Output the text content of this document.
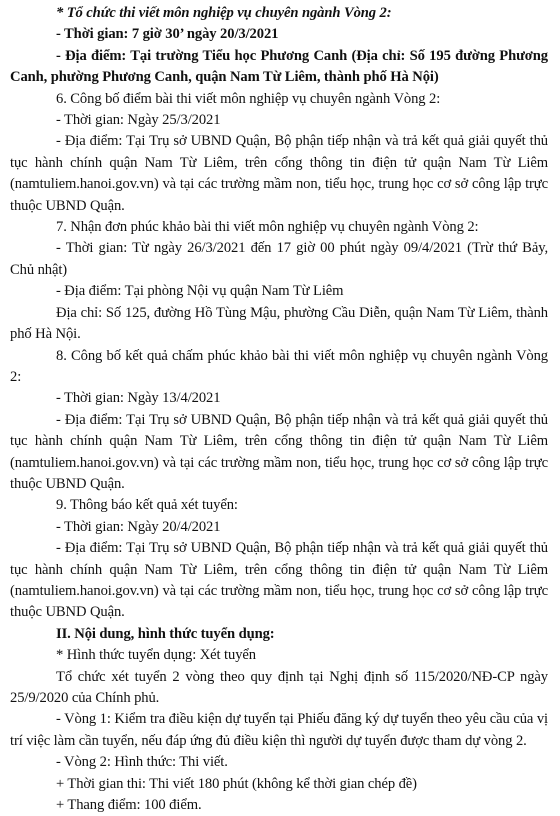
* Tổ chức thi viết môn nghiệp vụ chuyên ngành Vòng 2:

- Thời gian: 7 giờ 30’ ngày 20/3/2021

- Địa điểm: Tại trường Tiểu học Phương Canh (Địa chỉ: Số 195 đường Phương Canh, phường Phương Canh, quận Nam Từ Liêm, thành phố Hà Nội)

6. Công bố điểm bài thi viết môn nghiệp vụ chuyên ngành Vòng 2:

- Thời gian: Ngày 25/3/2021

- Địa điểm: Tại Trụ sở UBND Quận, Bộ phận tiếp nhận và trả kết quả giải quyết thủ tục hành chính quận Nam Từ Liêm, trên cổng thông tin điện tử quận Nam Từ Liêm (namtuliem.hanoi.gov.vn) và tại các trường mầm non, tiểu học, trung học cơ sở công lập trực thuộc UBND Quận.

7. Nhận đơn phúc khảo bài thi viết môn nghiệp vụ chuyên ngành Vòng 2:

- Thời gian: Từ ngày 26/3/2021 đến 17 giờ 00 phút ngày 09/4/2021 (Trừ thứ Bảy, Chủ nhật)

- Địa điểm: Tại phòng Nội vụ quận Nam Từ Liêm

Địa chỉ: Số 125, đường Hồ Tùng Mậu, phường Cầu Diễn, quận Nam Từ Liêm, thành phố Hà Nội.

8. Công bố kết quả chấm phúc khảo bài thi viết môn nghiệp vụ chuyên ngành Vòng 2:

- Thời gian: Ngày 13/4/2021

- Địa điểm: Tại Trụ sở UBND Quận, Bộ phận tiếp nhận và trả kết quả giải quyết thủ tục hành chính quận Nam Từ Liêm, trên cổng thông tin điện tử quận Nam Từ Liêm (namtuliem.hanoi.gov.vn) và tại các trường mầm non, tiểu học, trung học cơ sở công lập trực thuộc UBND Quận.

9. Thông báo kết quả xét tuyển:

- Thời gian: Ngày 20/4/2021

- Địa điểm: Tại Trụ sở UBND Quận, Bộ phận tiếp nhận và trả kết quả giải quyết thủ tục hành chính quận Nam Từ Liêm, trên cổng thông tin điện tử quận Nam Từ Liêm (namtuliem.hanoi.gov.vn) và tại các trường mầm non, tiểu học, trung học cơ sở công lập trực thuộc UBND Quận.

II. Nội dung, hình thức tuyển dụng:

* Hình thức tuyển dụng: Xét tuyển

Tổ chức xét tuyển 2 vòng theo quy định tại Nghị định số 115/2020/NĐ-CP ngày 25/9/2020 của Chính phủ.

- Vòng 1: Kiểm tra điều kiện dự tuyển tại Phiếu đăng ký dự tuyển theo yêu cầu của vị trí việc làm cần tuyển, nếu đáp ứng đủ điều kiện thì người dự tuyển được tham dự vòng 2.

- Vòng 2: Hình thức: Thi viết.

+ Thời gian thi: Thi viết 180 phút (không kể thời gian chép đề)

+ Thang điểm: 100 điểm.
